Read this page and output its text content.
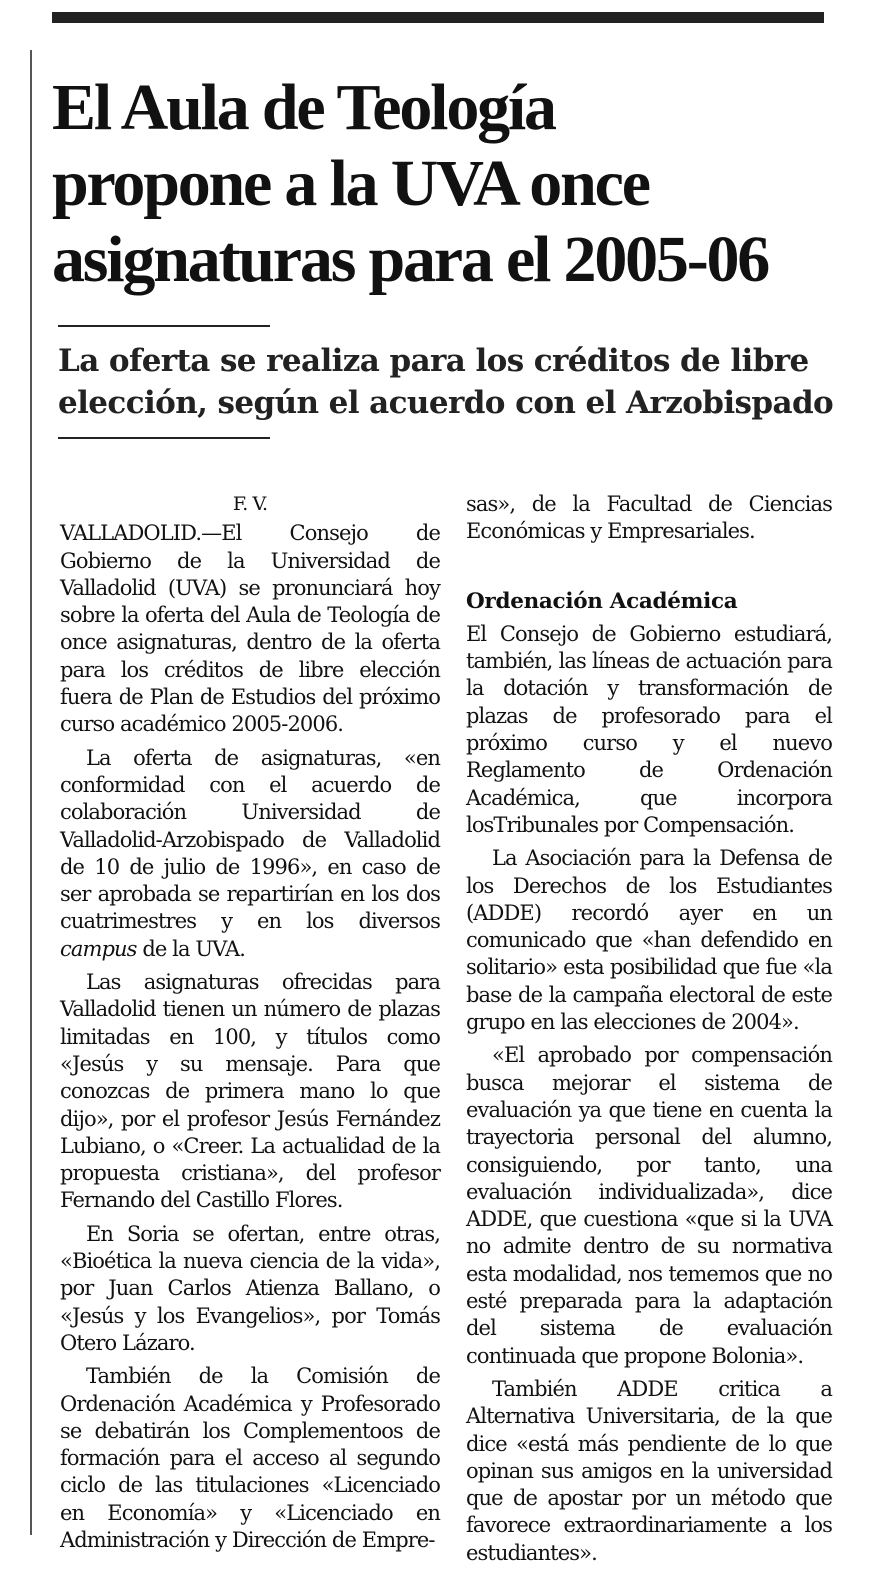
El Aula de Teología
propone a la UVA once
asignaturas para el 2005-06
La oferta se realiza para los créditos de libre
elección, según el acuerdo con el Arzobispado
F. V.

VALLADOLID.—El Consejo de Gobierno de la Universidad de Valladolid (UVA) se pronunciará hoy sobre la oferta del Aula de Teología de once asignaturas, dentro de la oferta para los créditos de libre elección fuera de Plan de Estudios del próximo curso académico 2005-2006.

La oferta de asignaturas, «en conformidad con el acuerdo de colaboración Universidad de Valladolid-Arzobispado de Valladolid de 10 de julio de 1996», en caso de ser aprobada se repartirían en los dos cuatrimestres y en los diversos campus de la UVA.

Las asignaturas ofrecidas para Valladolid tienen un número de plazas limitadas en 100, y títulos como «Jesús y su mensaje. Para que conozcas de primera mano lo que dijo», por el profesor Jesús Fernández Lubiano, o «Creer. La actualidad de la propuesta cristiana», del profesor Fernando del Castillo Flores.

En Soria se ofertan, entre otras, «Bioética la nueva ciencia de la vida», por Juan Carlos Atienza Ballano, o «Jesús y los Evangelios», por Tomás Otero Lázaro.

También de la Comisión de Ordenación Académica y Profesorado se debatirán los Complementoos de formación para el acceso al segundo ciclo de las titulaciones «Licenciado en Economía» y «Licenciado en Administración y Dirección de Empre-

sas», de la Facultad de Ciencias Económicas y Empresariales.

Ordenación Académica

El Consejo de Gobierno estudiará, también, las líneas de actuación para la dotación y transformación de plazas de profesorado para el próximo curso y el nuevo Reglamento de Ordenación Académica, que incorpora losTribunales por Compensación.

La Asociación para la Defensa de los Derechos de los Estudiantes (ADDE) recordó ayer en un comunicado que «han defendido en solitario» esta posibilidad que fue «la base de la campaña electoral de este grupo en las elecciones de 2004».

«El aprobado por compensación busca mejorar el sistema de evaluación ya que tiene en cuenta la trayectoria personal del alumno, consiguiendo, por tanto, una evaluación individualizada», dice ADDE, que cuestiona «que si la UVA no admite dentro de su normativa esta modalidad, nos tememos que no esté preparada para la adaptación del sistema de evaluación continuada que propone Bolonia».

También ADDE critica a Alternativa Universitaria, de la que dice «está más pendiente de lo que opinan sus amigos en la universidad que de apostar por un método que favorece extraordinariamente a los estudiantes».
